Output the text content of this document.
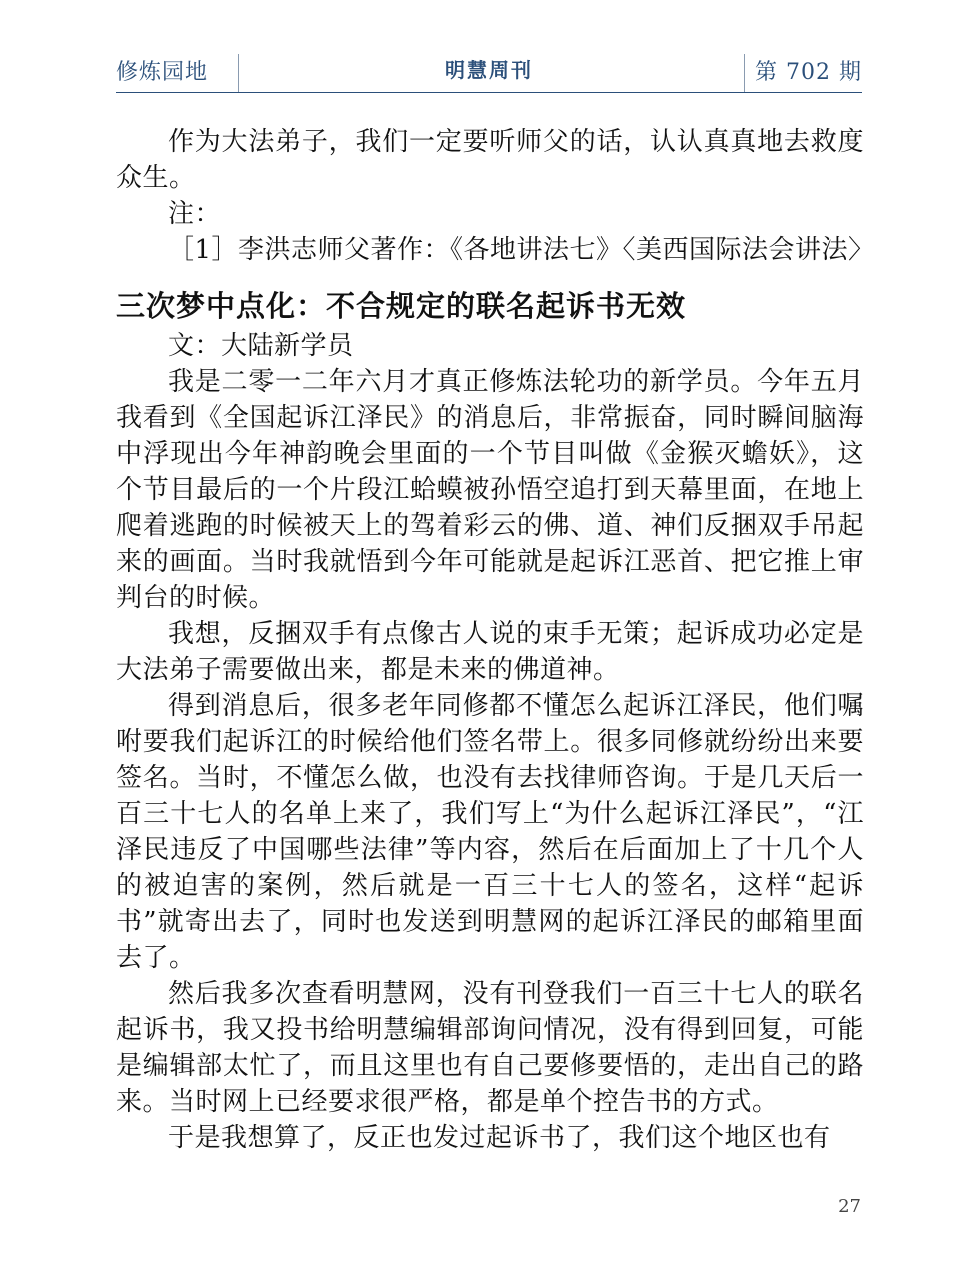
修炼园地	明慧周刊	第 702 期

作为大法弟子，我们一定要听师父的话，认认真真地去救度众生。

注：

［1］李洪志师父著作：《各地讲法七》〈美西国际法会讲法〉

三次梦中点化：不合规定的联名起诉书无效

文：大陆新学员

我是二零一二年六月才真正修炼法轮功的新学员。今年五月我看到《全国起诉江泽民》的消息后，非常振奋，同时瞬间脑海中浮现出今年神韵晚会里面的一个节目叫做《金猴灭蟾妖》，这个节目最后的一个片段江蛤蟆被孙悟空追打到天幕里面，在地上爬着逃跑的时候被天上的驾着彩云的佛、道、神们反捆双手吊起来的画面。当时我就悟到今年可能就是起诉江恶首、把它推上审判台的时候。

我想，反捆双手有点像古人说的束手无策；起诉成功必定是大法弟子需要做出来，都是未来的佛道神。

得到消息后，很多老年同修都不懂怎么起诉江泽民，他们嘱咐要我们起诉江的时候给他们签名带上。很多同修就纷纷出来要签名。当时，不懂怎么做，也没有去找律师咨询。于是几天后一百三十七人的名单上来了，我们写上“为什么起诉江泽民”，“江泽民违反了中国哪些法律”等内容，然后在后面加上了十几个人的被迫害的案例，然后就是一百三十七人的签名，这样“起诉书”就寄出去了，同时也发送到明慧网的起诉江泽民的邮箱里面去了。

然后我多次查看明慧网，没有刊登我们一百三十七人的联名起诉书，我又投书给明慧编辑部询问情况，没有得到回复，可能是编辑部太忙了，而且这里也有自己要修要悟的，走出自己的路来。当时网上已经要求很严格，都是单个控告书的方式。

于是我想算了，反正也发过起诉书了，我们这个地区也有

27
